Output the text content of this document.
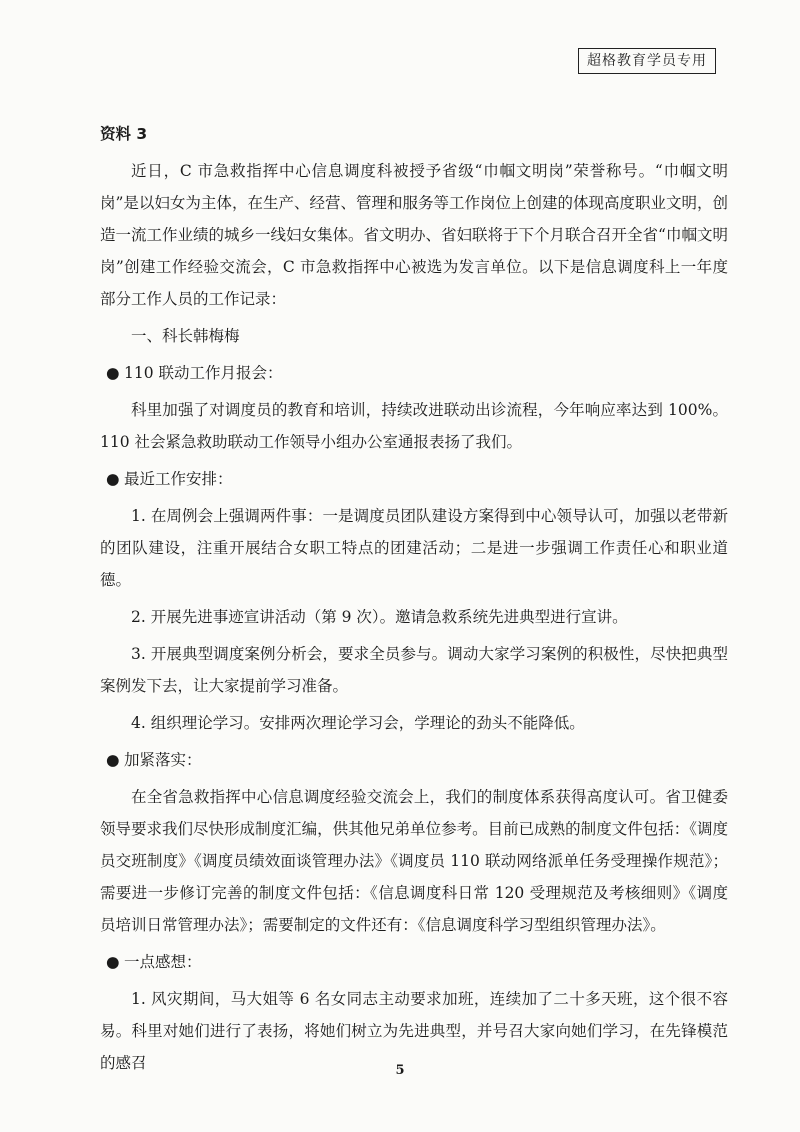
超格教育学员专用

资料 3

近日，C 市急救指挥中心信息调度科被授予省级“巾帼文明岗”荣誉称号。“巾帼文明岗”是以妇女为主体，在生产、经营、管理和服务等工作岗位上创建的体现高度职业文明，创造一流工作业绩的城乡一线妇女集体。省文明办、省妇联将于下个月联合召开全省“巾帼文明岗”创建工作经验交流会，C 市急救指挥中心被选为发言单位。以下是信息调度科上一年度部分工作人员的工作记录：

一、科长韩梅梅

● 110 联动工作月报会：

科里加强了对调度员的教育和培训，持续改进联动出诊流程，今年响应率达到 100%。110 社会紧急救助联动工作领导小组办公室通报表扬了我们。

● 最近工作安排：

1. 在周例会上强调两件事：一是调度员团队建设方案得到中心领导认可，加强以老带新的团队建设，注重开展结合女职工特点的团建活动；二是进一步强调工作责任心和职业道德。

2. 开展先进事迹宣讲活动（第 9 次）。邀请急救系统先进典型进行宣讲。

3. 开展典型调度案例分析会，要求全员参与。调动大家学习案例的积极性，尽快把典型案例发下去，让大家提前学习准备。

4. 组织理论学习。安排两次理论学习会，学理论的劲头不能降低。

● 加紧落实：

在全省急救指挥中心信息调度经验交流会上，我们的制度体系获得高度认可。省卫健委领导要求我们尽快形成制度汇编，供其他兄弟单位参考。目前已成熟的制度文件包括：《调度员交班制度》《调度员绩效面谈管理办法》《调度员 110 联动网络派单任务受理操作规范》；需要进一步修订完善的制度文件包括：《信息调度科日常 120 受理规范及考核细则》《调度员培训日常管理办法》；需要制定的文件还有：《信息调度科学习型组织管理办法》。

● 一点感想：

1. 风灾期间，马大姐等 6 名女同志主动要求加班，连续加了二十多天班，这个很不容易。科里对她们进行了表扬，将她们树立为先进典型，并号召大家向她们学习，在先锋模范的感召	5
